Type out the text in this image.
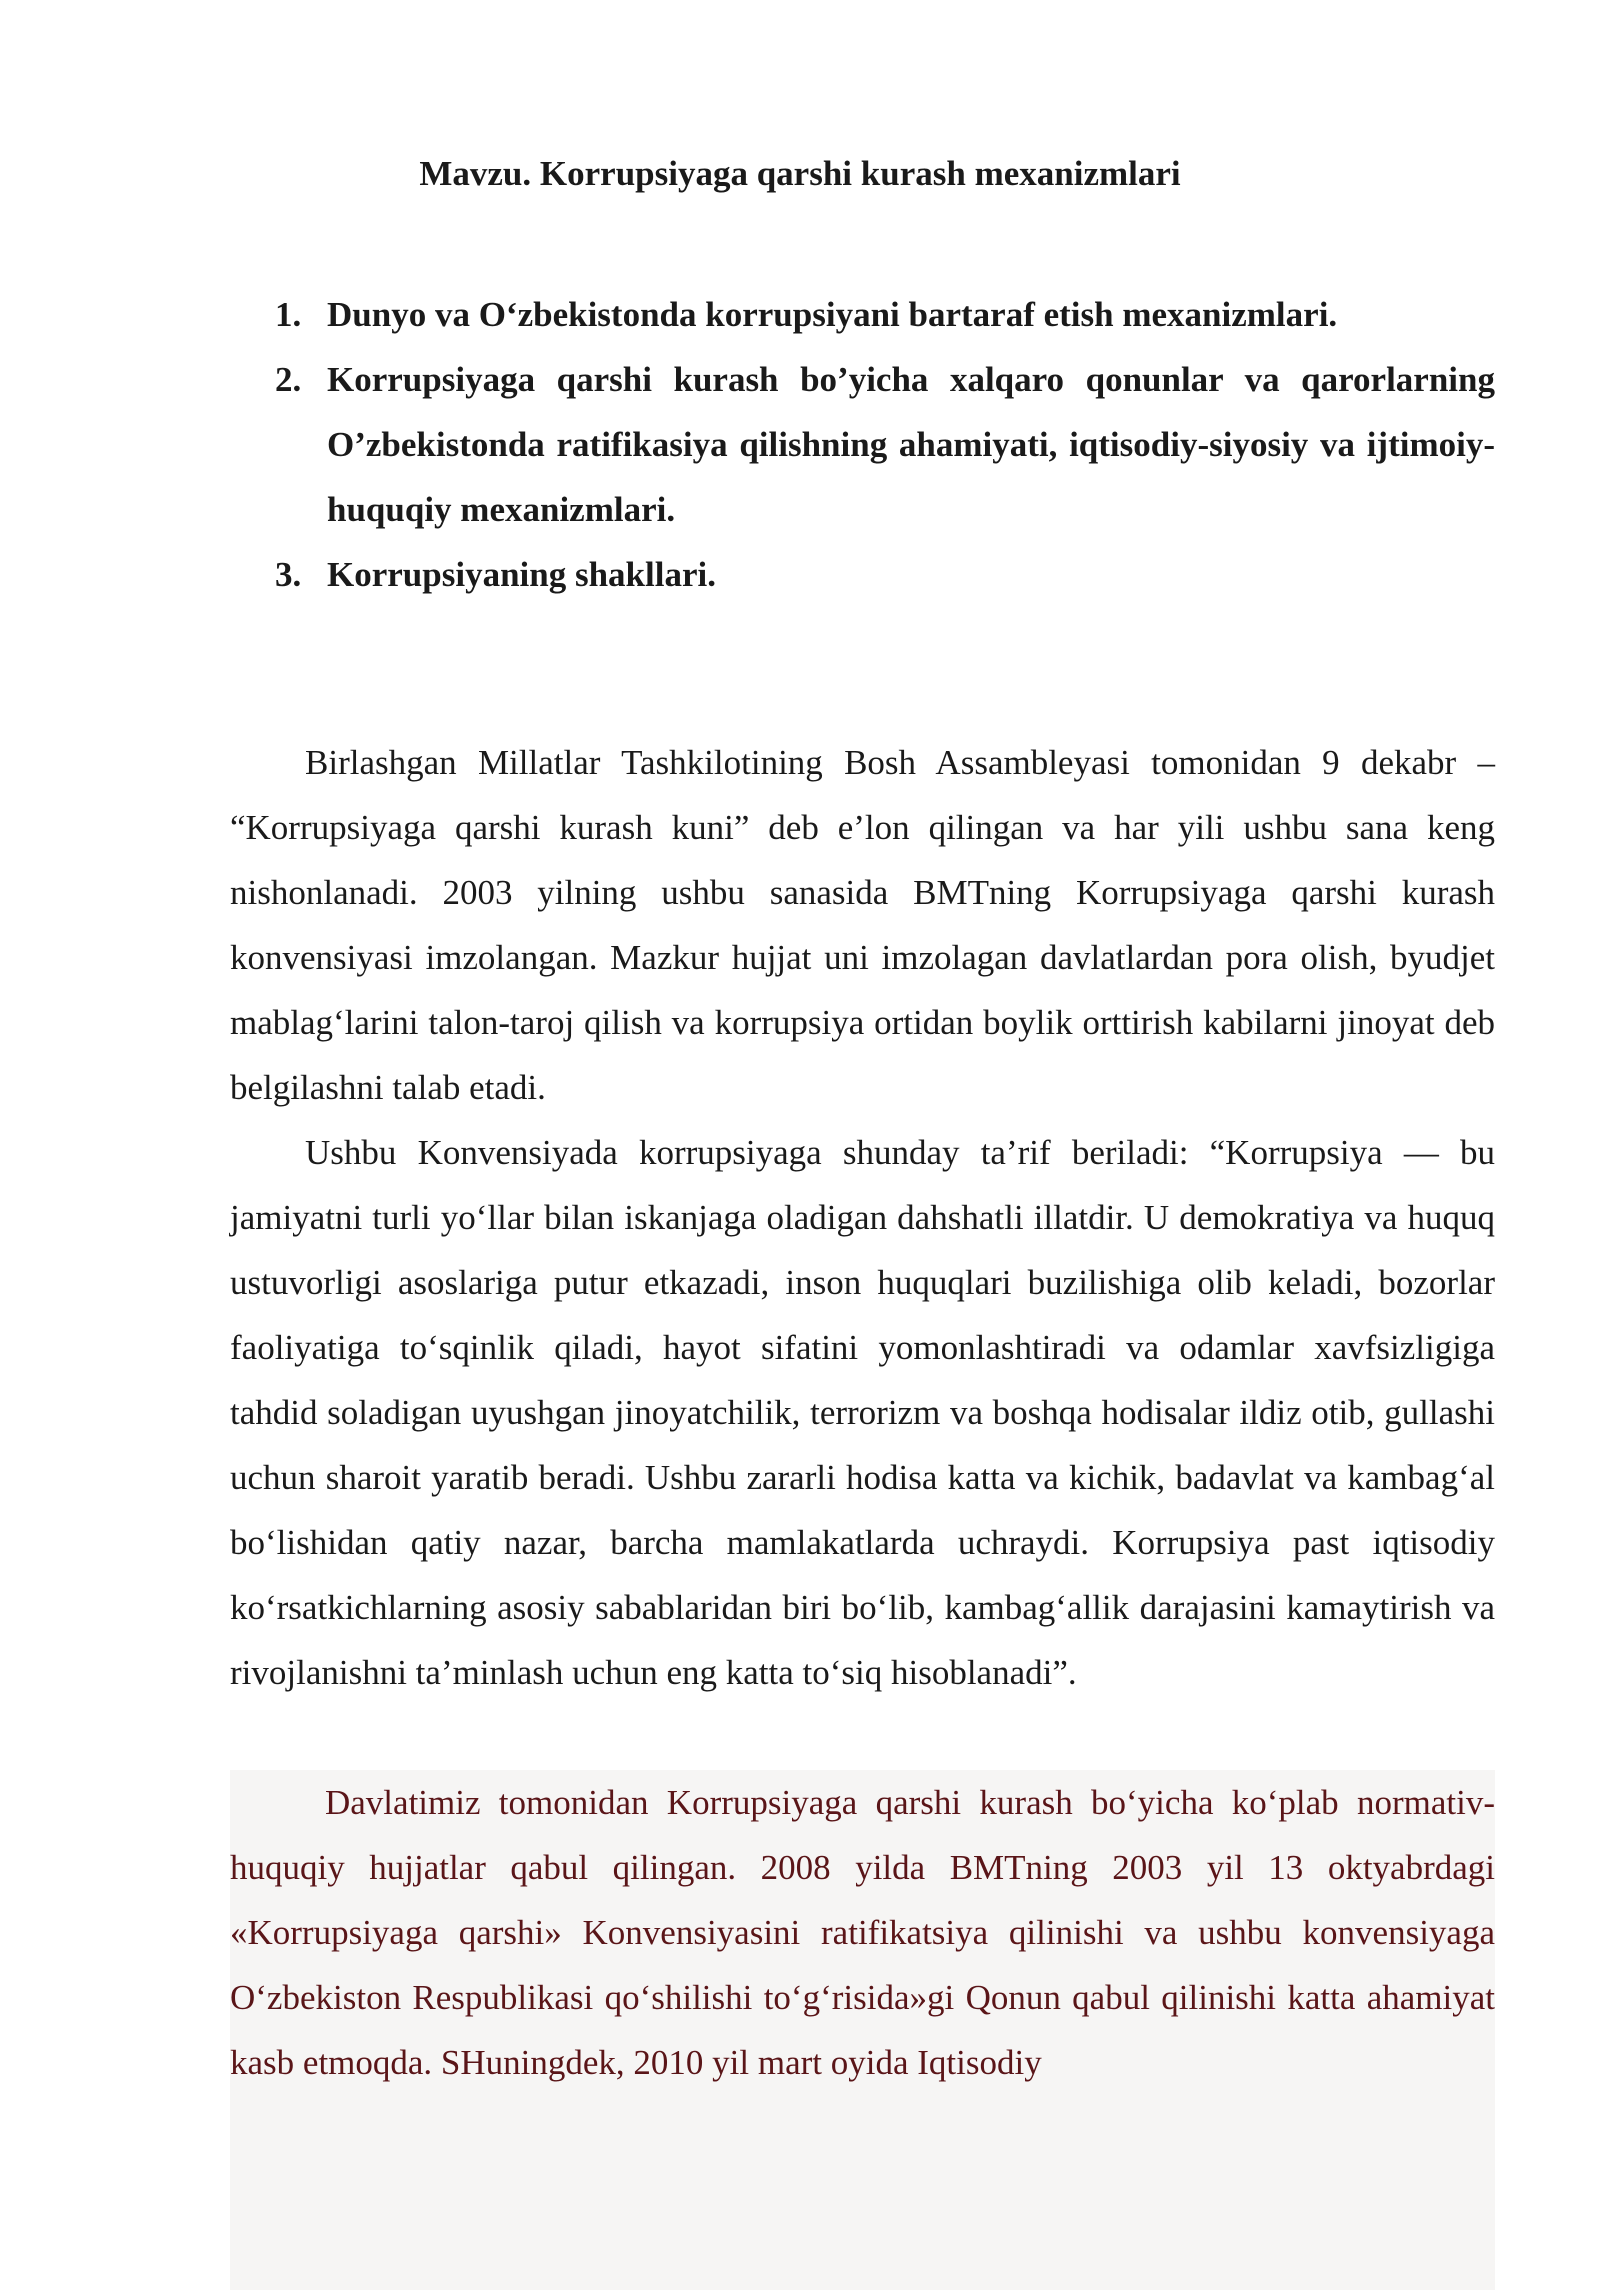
Mavzu. Korrupsiyaga qarshi kurash mexanizmlari
1. Dunyo va O‘zbekistonda korrupsiyani bartaraf etish mexanizmlari.
2. Korrupsiyaga qarshi kurash bo’yicha xalqaro qonunlar va qarorlarning O’zbekistonda ratifikasiya qilishning ahamiyati, iqtisodiy-siyosiy va ijtimoiy-huquqiy mexanizmlari.
3. Korrupsiyaning shakllari.

Birlashgan Millatlar Tashkilotining Bosh Assambleyasi tomonidan 9 dekabr – “Korrupsiyaga qarshi kurash kuni” deb e’lon qilingan va har yili ushbu sana keng nishonlanadi. 2003 yilning ushbu sanasida BMTning Korrupsiyaga qarshi kurash konvensiyasi imzolangan. Mazkur hujjat uni imzolagan davlatlardan pora olish, byudjet mablag‘larini talon-taroj qilish va korrupsiya ortidan boylik orttirish kabilarni jinoyat deb belgilashni talab etadi.

Ushbu Konvensiyada korrupsiyaga shunday ta’rif beriladi: “Korrupsiya — bu jamiyatni turli yo‘llar bilan iskanjaga oladigan dahshatli illatdir. U demokratiya va huquq ustuvorligi asoslariga putur etkazadi, inson huquqlari buzilishiga olib keladi, bozorlar faoliyatiga to‘sqinlik qiladi, hayot sifatini yomonlashtiradi va odamlar xavfsizligiga tahdid soladigan uyushgan jinoyatchilik, terrorizm va boshqa hodisalar ildiz otib, gullashi uchun sharoit yaratib beradi. Ushbu zararli hodisa katta va kichik, badavlat va kambag‘al bo‘lishidan qatiy nazar, barcha mamlakatlarda uchraydi. Korrupsiya past iqtisodiy ko‘rsatkichlarning asosiy sabablaridan biri bo‘lib, kambag‘allik darajasini kamaytirish va rivojlanishni ta’minlash uchun eng katta to‘siq hisoblanadi”.

Davlatimiz tomonidan Korrupsiyaga qarshi kurash bo‘yicha ko‘plab normativ-huquqiy hujjatlar qabul qilingan. 2008 yilda BMTning 2003 yil 13 oktyabrdagi «Korrupsiyaga qarshi» Konvensiyasini ratifikatsiya qilinishi va ushbu konvensiyaga O‘zbekiston Respublikasi qo‘shilishi to‘g‘risida»gi Qonun qabul qilinishi katta ahamiyat kasb etmoqda. SHuningdek, 2010 yil mart oyida Iqtisodiy
